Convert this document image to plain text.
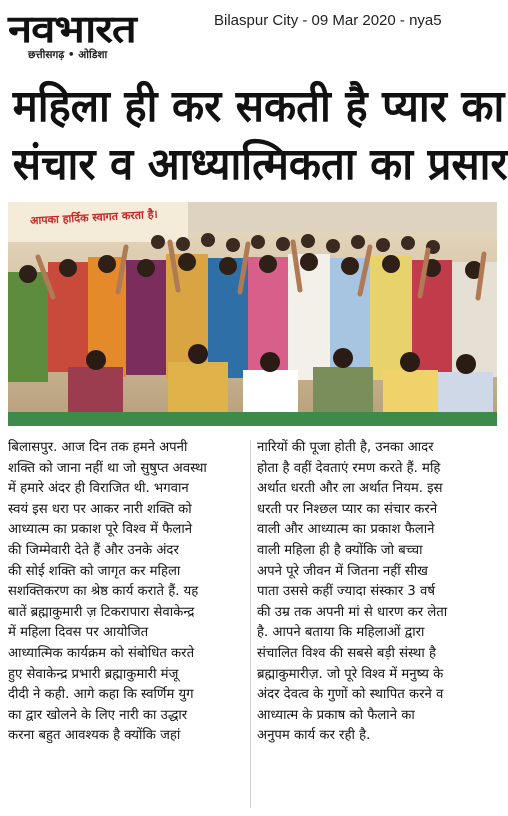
नवभारत
छत्तीसगढ़ • ओडिशा
Bilaspur City - 09 Mar 2020 - nya5
महिला ही कर सकती है प्यार का
संचार व आध्यात्मिकता का प्रसार
आपका हार्दिक स्वागत करता है।
बिलासपुर. आज दिन तक हमने अपनी
शक्ति को जाना नहीं था जो सुषुप्त अवस्था
में हमारे अंदर ही विराजित थी. भगवान
स्वयं इस धरा पर आकर नारी शक्ति को
आध्यात्म का प्रकाश पूरे विश्व में फैलाने
की जिम्मेवारी देते हैं और उनके अंदर
की सोई शक्ति को जागृत कर महिला
सशक्तिकरण का श्रेष्ठ कार्य कराते हैं. यह
बातें ब्रह्माकुमारी ज़ टिकरापारा सेवाकेन्द्र
में महिला दिवस पर आयोजित
आध्यात्मिक कार्यक्रम को संबोधित करते
हुए सेवाकेन्द्र प्रभारी ब्रह्माकुमारी मंजू
दीदी ने कही. आगे कहा कि स्वर्णिम युग
का द्वार खोलने के लिए नारी का उद्धार
करना बहुत आवश्यक है क्योंकि जहां
नारियों की पूजा होती है, उनका आदर
होता है वहीं देवताएं रमण करते हैं. महि
अर्थात धरती और ला अर्थात नियम. इस
धरती पर निश्छल प्यार का संचार करने
वाली और आध्यात्म का प्रकाश फैलाने
वाली महिला ही है क्योंकि जो बच्चा
अपने पूरे जीवन में जितना नहीं सीख
पाता उससे कहीं ज्यादा संस्कार 3 वर्ष
की उम्र तक अपनी मां से धारण कर लेता
है. आपने बताया कि महिलाओं द्वारा
संचालित विश्व की सबसे बड़ी संस्था है
ब्रह्माकुमारीज़. जो पूरे विश्व में मनुष्य के
अंदर देवत्व के गुणों को स्थापित करने व
आध्यात्म के प्रकाष को फैलाने का
अनुपम कार्य कर रही है.
